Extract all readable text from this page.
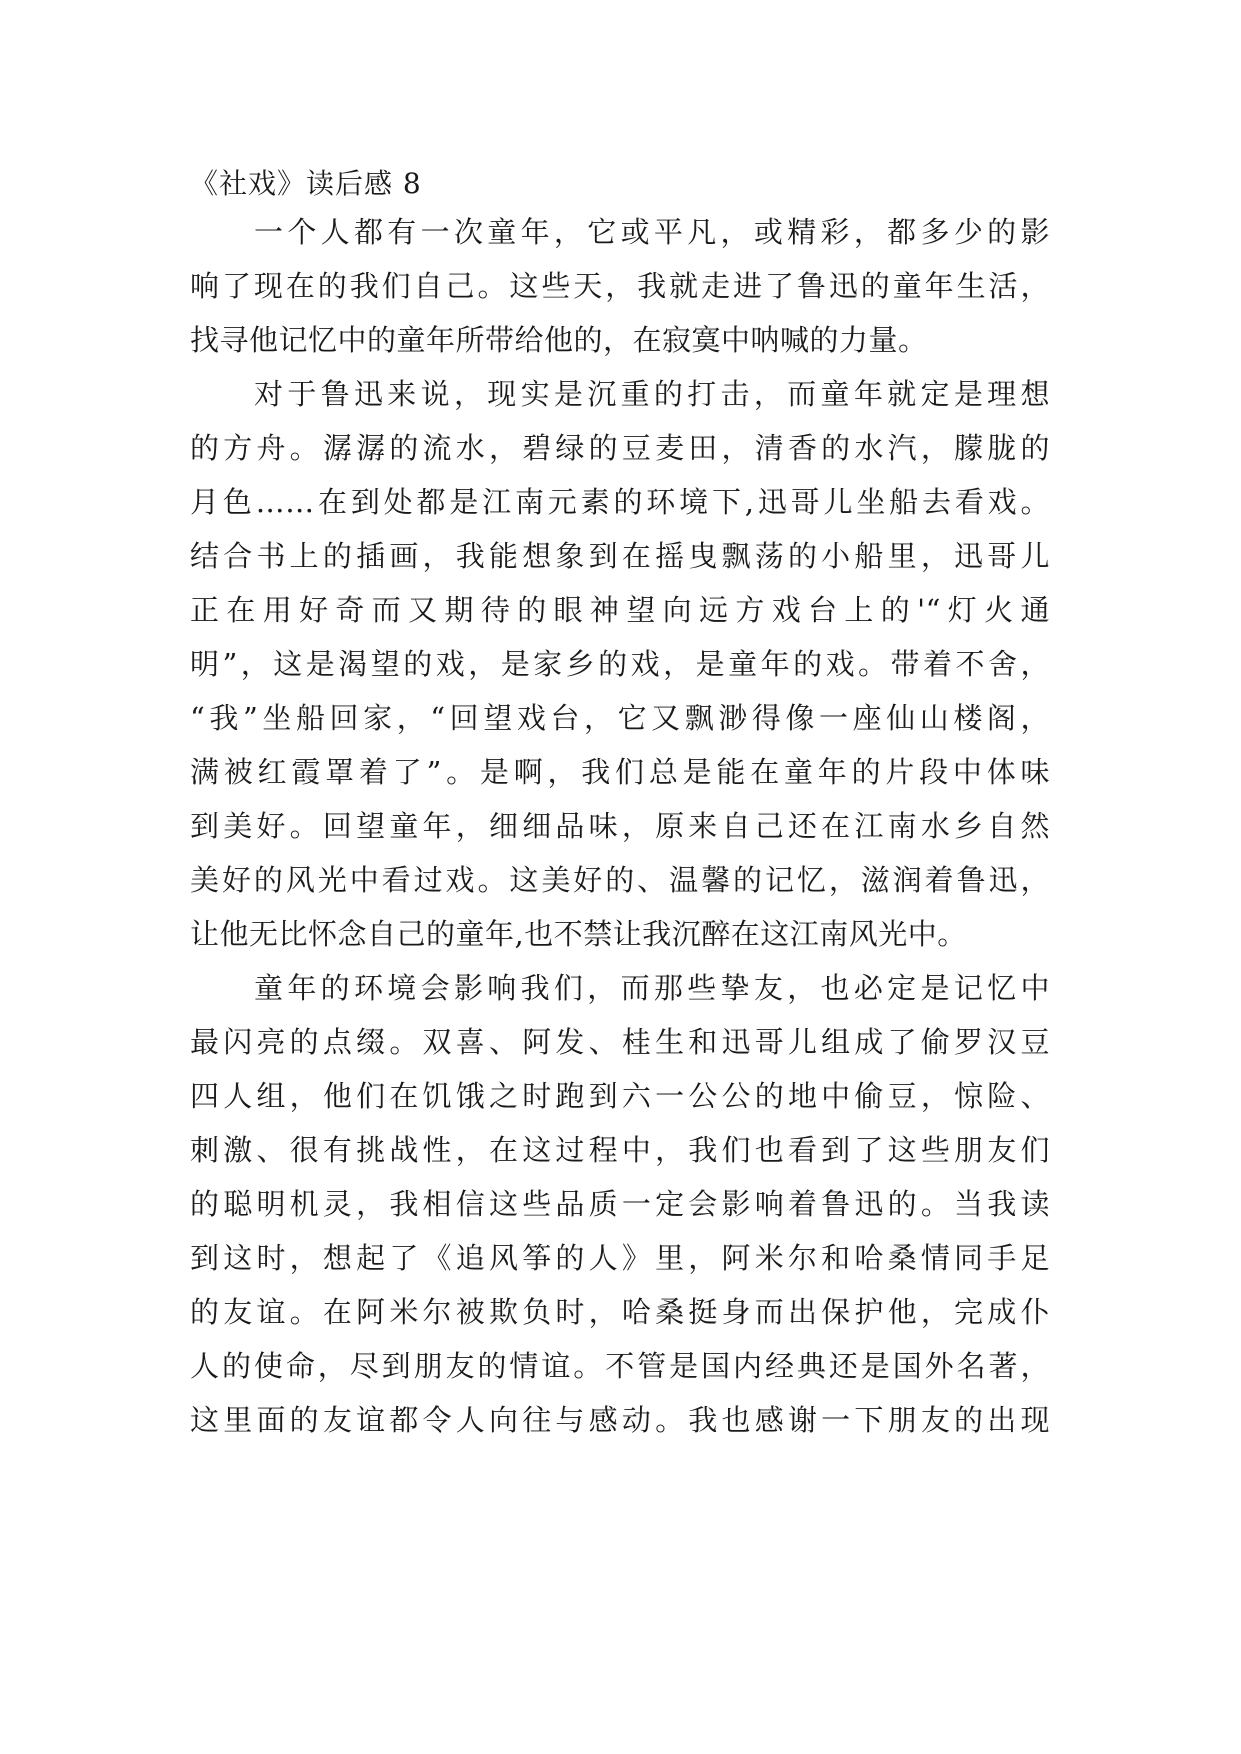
《社戏》读后感 8
一个人都有一次童年，它或平凡，或精彩，都多少的影
响了现在的我们自己。这些天，我就走进了鲁迅的童年生活，
找寻他记忆中的童年所带给他的，在寂寞中呐喊的力量。
对于鲁迅来说，现实是沉重的打击，而童年就定是理想
的方舟。潺潺的流水，碧绿的豆麦田，清香的水汽，朦胧的
月色……在到处都是江南元素的环境下,迅哥儿坐船去看戏。
结合书上的插画，我能想象到在摇曳飘荡的小船里，迅哥儿
正在用好奇而又期待的眼神望向远方戏台上的'“灯火通
明”，这是渴望的戏，是家乡的戏，是童年的戏。带着不舍，
“我”坐船回家，“回望戏台，它又飘渺得像一座仙山楼阁，
满被红霞罩着了”。是啊，我们总是能在童年的片段中体味
到美好。回望童年，细细品味，原来自己还在江南水乡自然
美好的风光中看过戏。这美好的、温馨的记忆，滋润着鲁迅，
让他无比怀念自己的童年,也不禁让我沉醉在这江南风光中。
童年的环境会影响我们，而那些挚友，也必定是记忆中
最闪亮的点缀。双喜、阿发、桂生和迅哥儿组成了偷罗汉豆
四人组，他们在饥饿之时跑到六一公公的地中偷豆，惊险、
刺激、很有挑战性，在这过程中，我们也看到了这些朋友们
的聪明机灵，我相信这些品质一定会影响着鲁迅的。当我读
到这时，想起了《追风筝的人》里，阿米尔和哈桑情同手足
的友谊。在阿米尔被欺负时，哈桑挺身而出保护他，完成仆
人的使命，尽到朋友的情谊。不管是国内经典还是国外名著，
这里面的友谊都令人向往与感动。我也感谢一下朋友的出现
